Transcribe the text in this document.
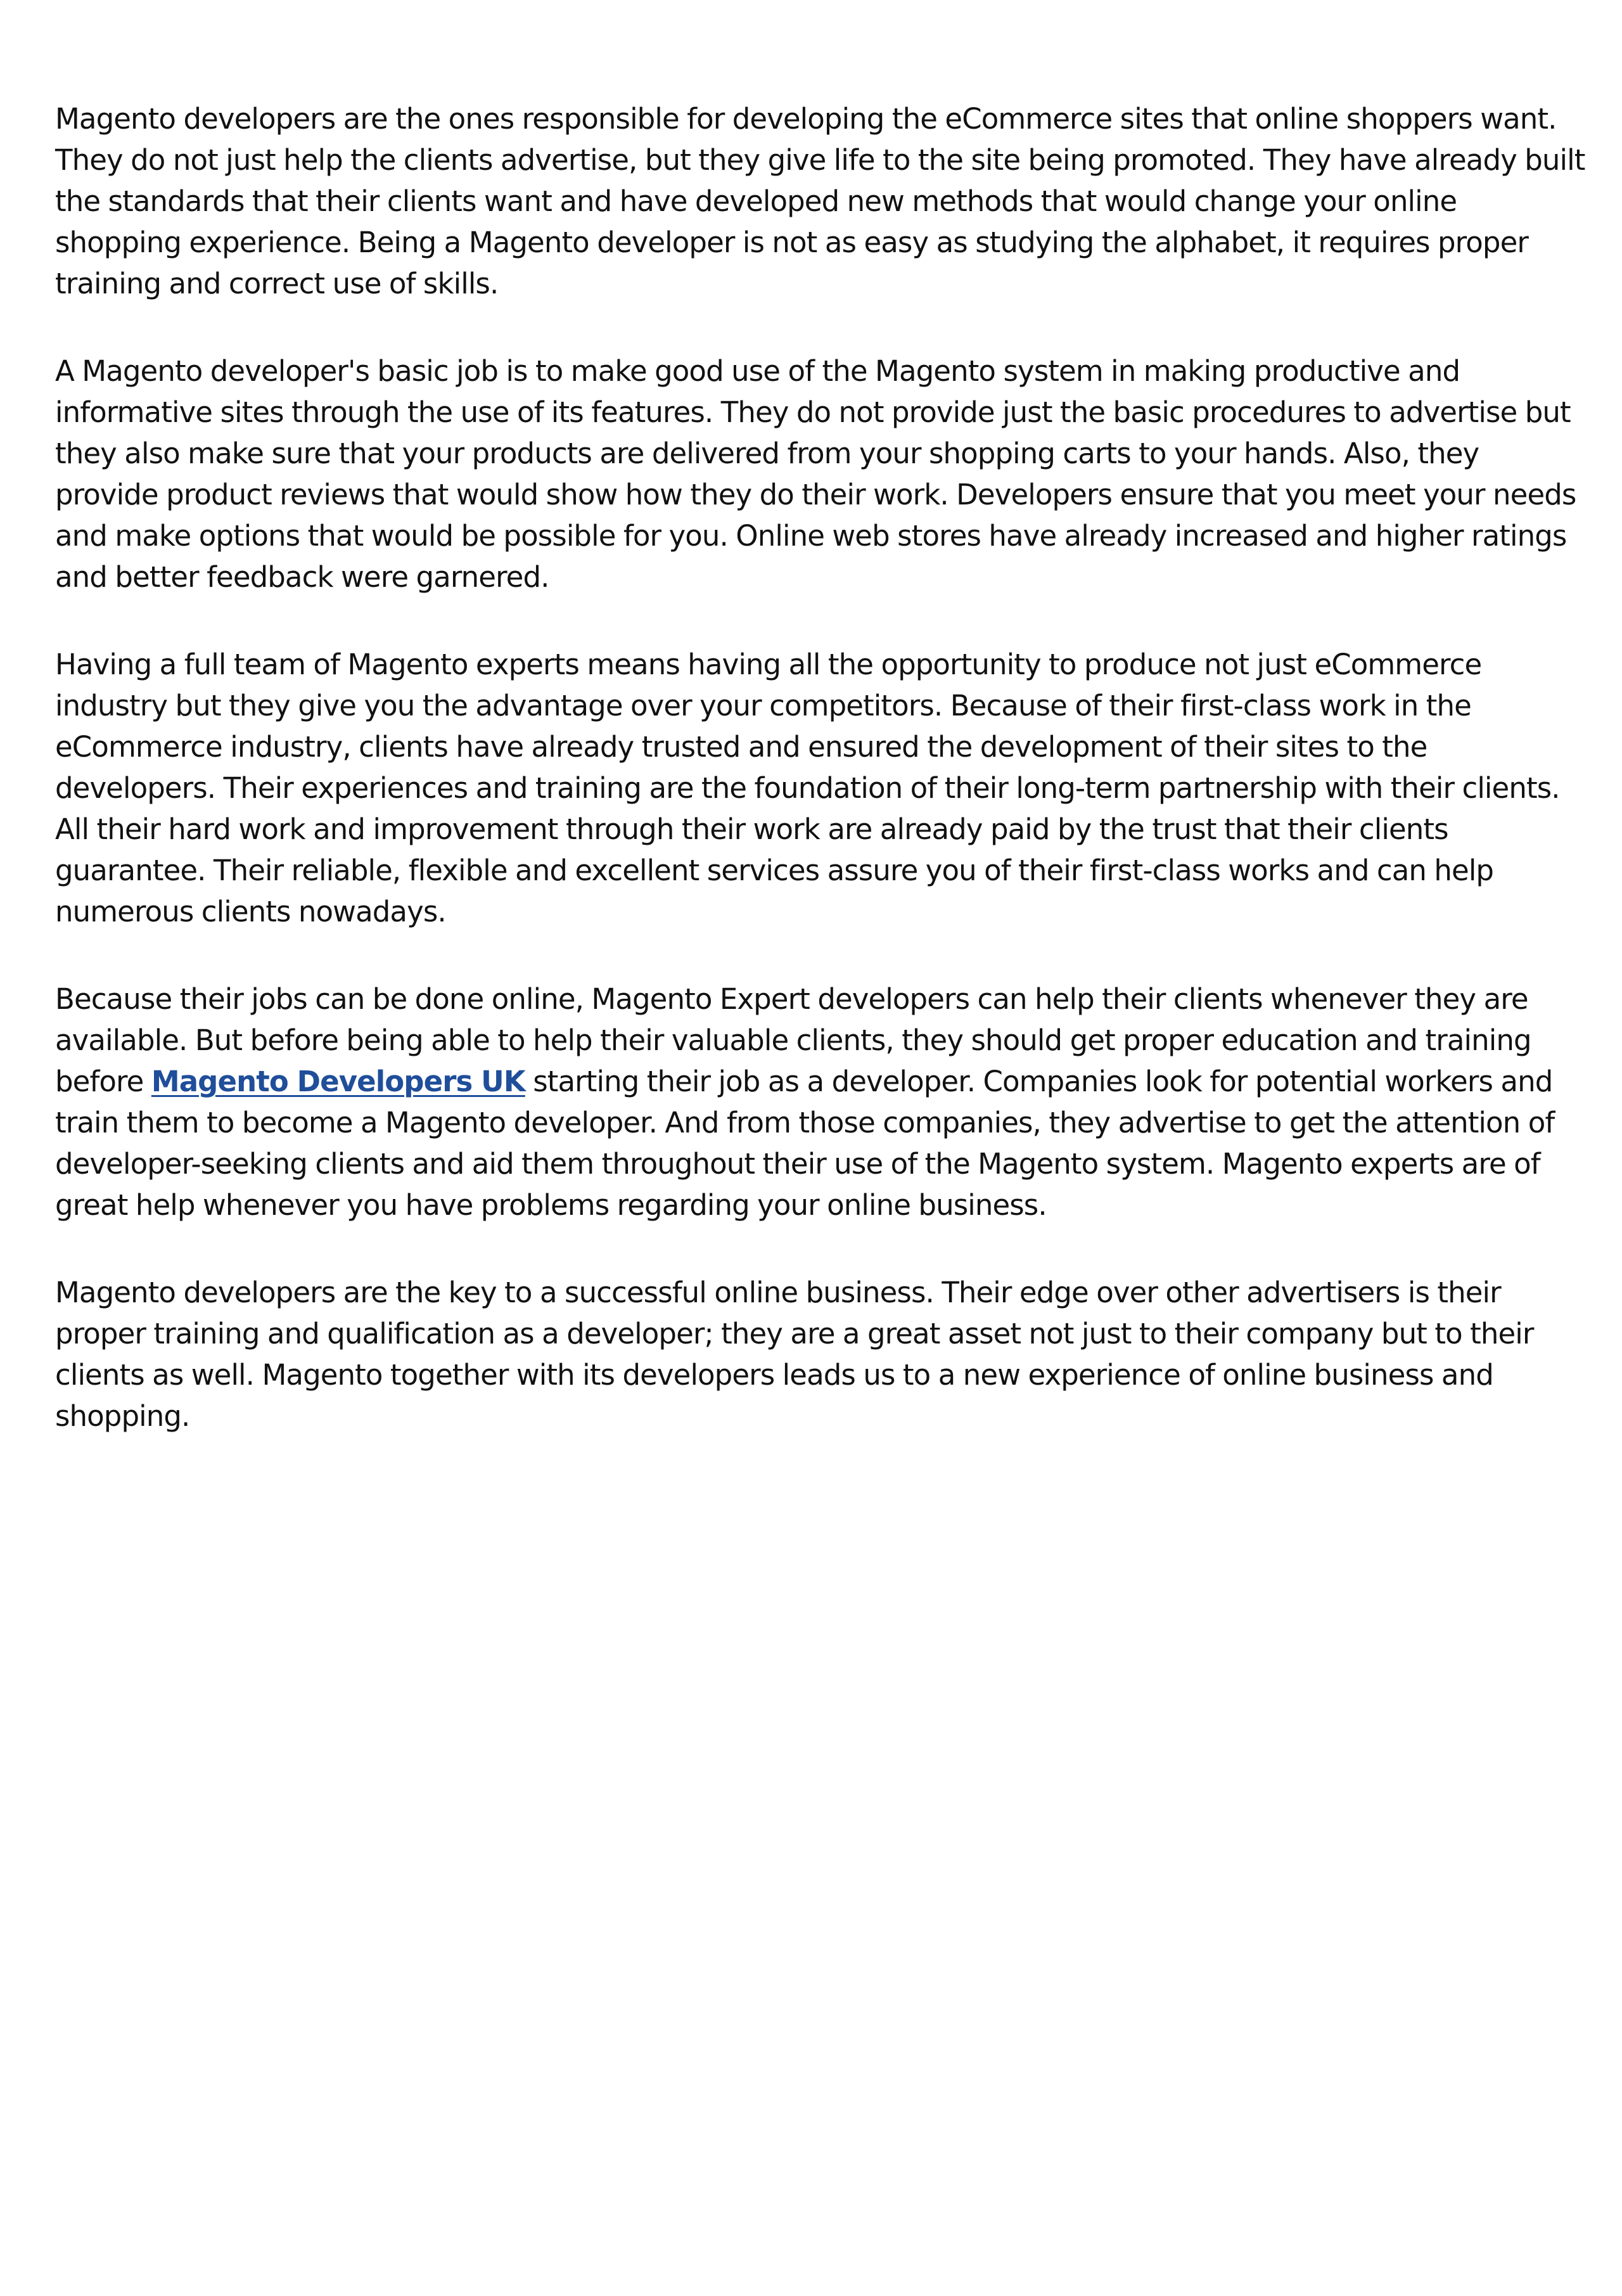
Magento developers are the ones responsible for developing the eCommerce sites that online shoppers want. They do not just help the clients advertise, but they give life to the site being promoted. They have already built the standards that their clients want and have developed new methods that would change your online shopping experience. Being a Magento developer is not as easy as studying the alphabet, it requires proper training and correct use of skills.

A Magento developer's basic job is to make good use of the Magento system in making productive and informative sites through the use of its features. They do not provide just the basic procedures to advertise but they also make sure that your products are delivered from your shopping carts to your hands. Also, they provide product reviews that would show how they do their work. Developers ensure that you meet your needs and make options that would be possible for you. Online web stores have already increased and higher ratings and better feedback were garnered.

Having a full team of Magento experts means having all the opportunity to produce not just eCommerce industry but they give you the advantage over your competitors. Because of their first-class work in the eCommerce industry, clients have already trusted and ensured the development of their sites to the developers. Their experiences and training are the foundation of their long-term partnership with their clients. All their hard work and improvement through their work are already paid by the trust that their clients guarantee. Their reliable, flexible and excellent services assure you of their first-class works and can help numerous clients nowadays.

Because their jobs can be done online, Magento Expert developers can help their clients whenever they are available. But before being able to help their valuable clients, they should get proper education and training before Magento Developers UK starting their job as a developer. Companies look for potential workers and train them to become a Magento developer. And from those companies, they advertise to get the attention of developer-seeking clients and aid them throughout their use of the Magento system. Magento experts are of great help whenever you have problems regarding your online business.

Magento developers are the key to a successful online business. Their edge over other advertisers is their proper training and qualification as a developer; they are a great asset not just to their company but to their clients as well. Magento together with its developers leads us to a new experience of online business and shopping.
